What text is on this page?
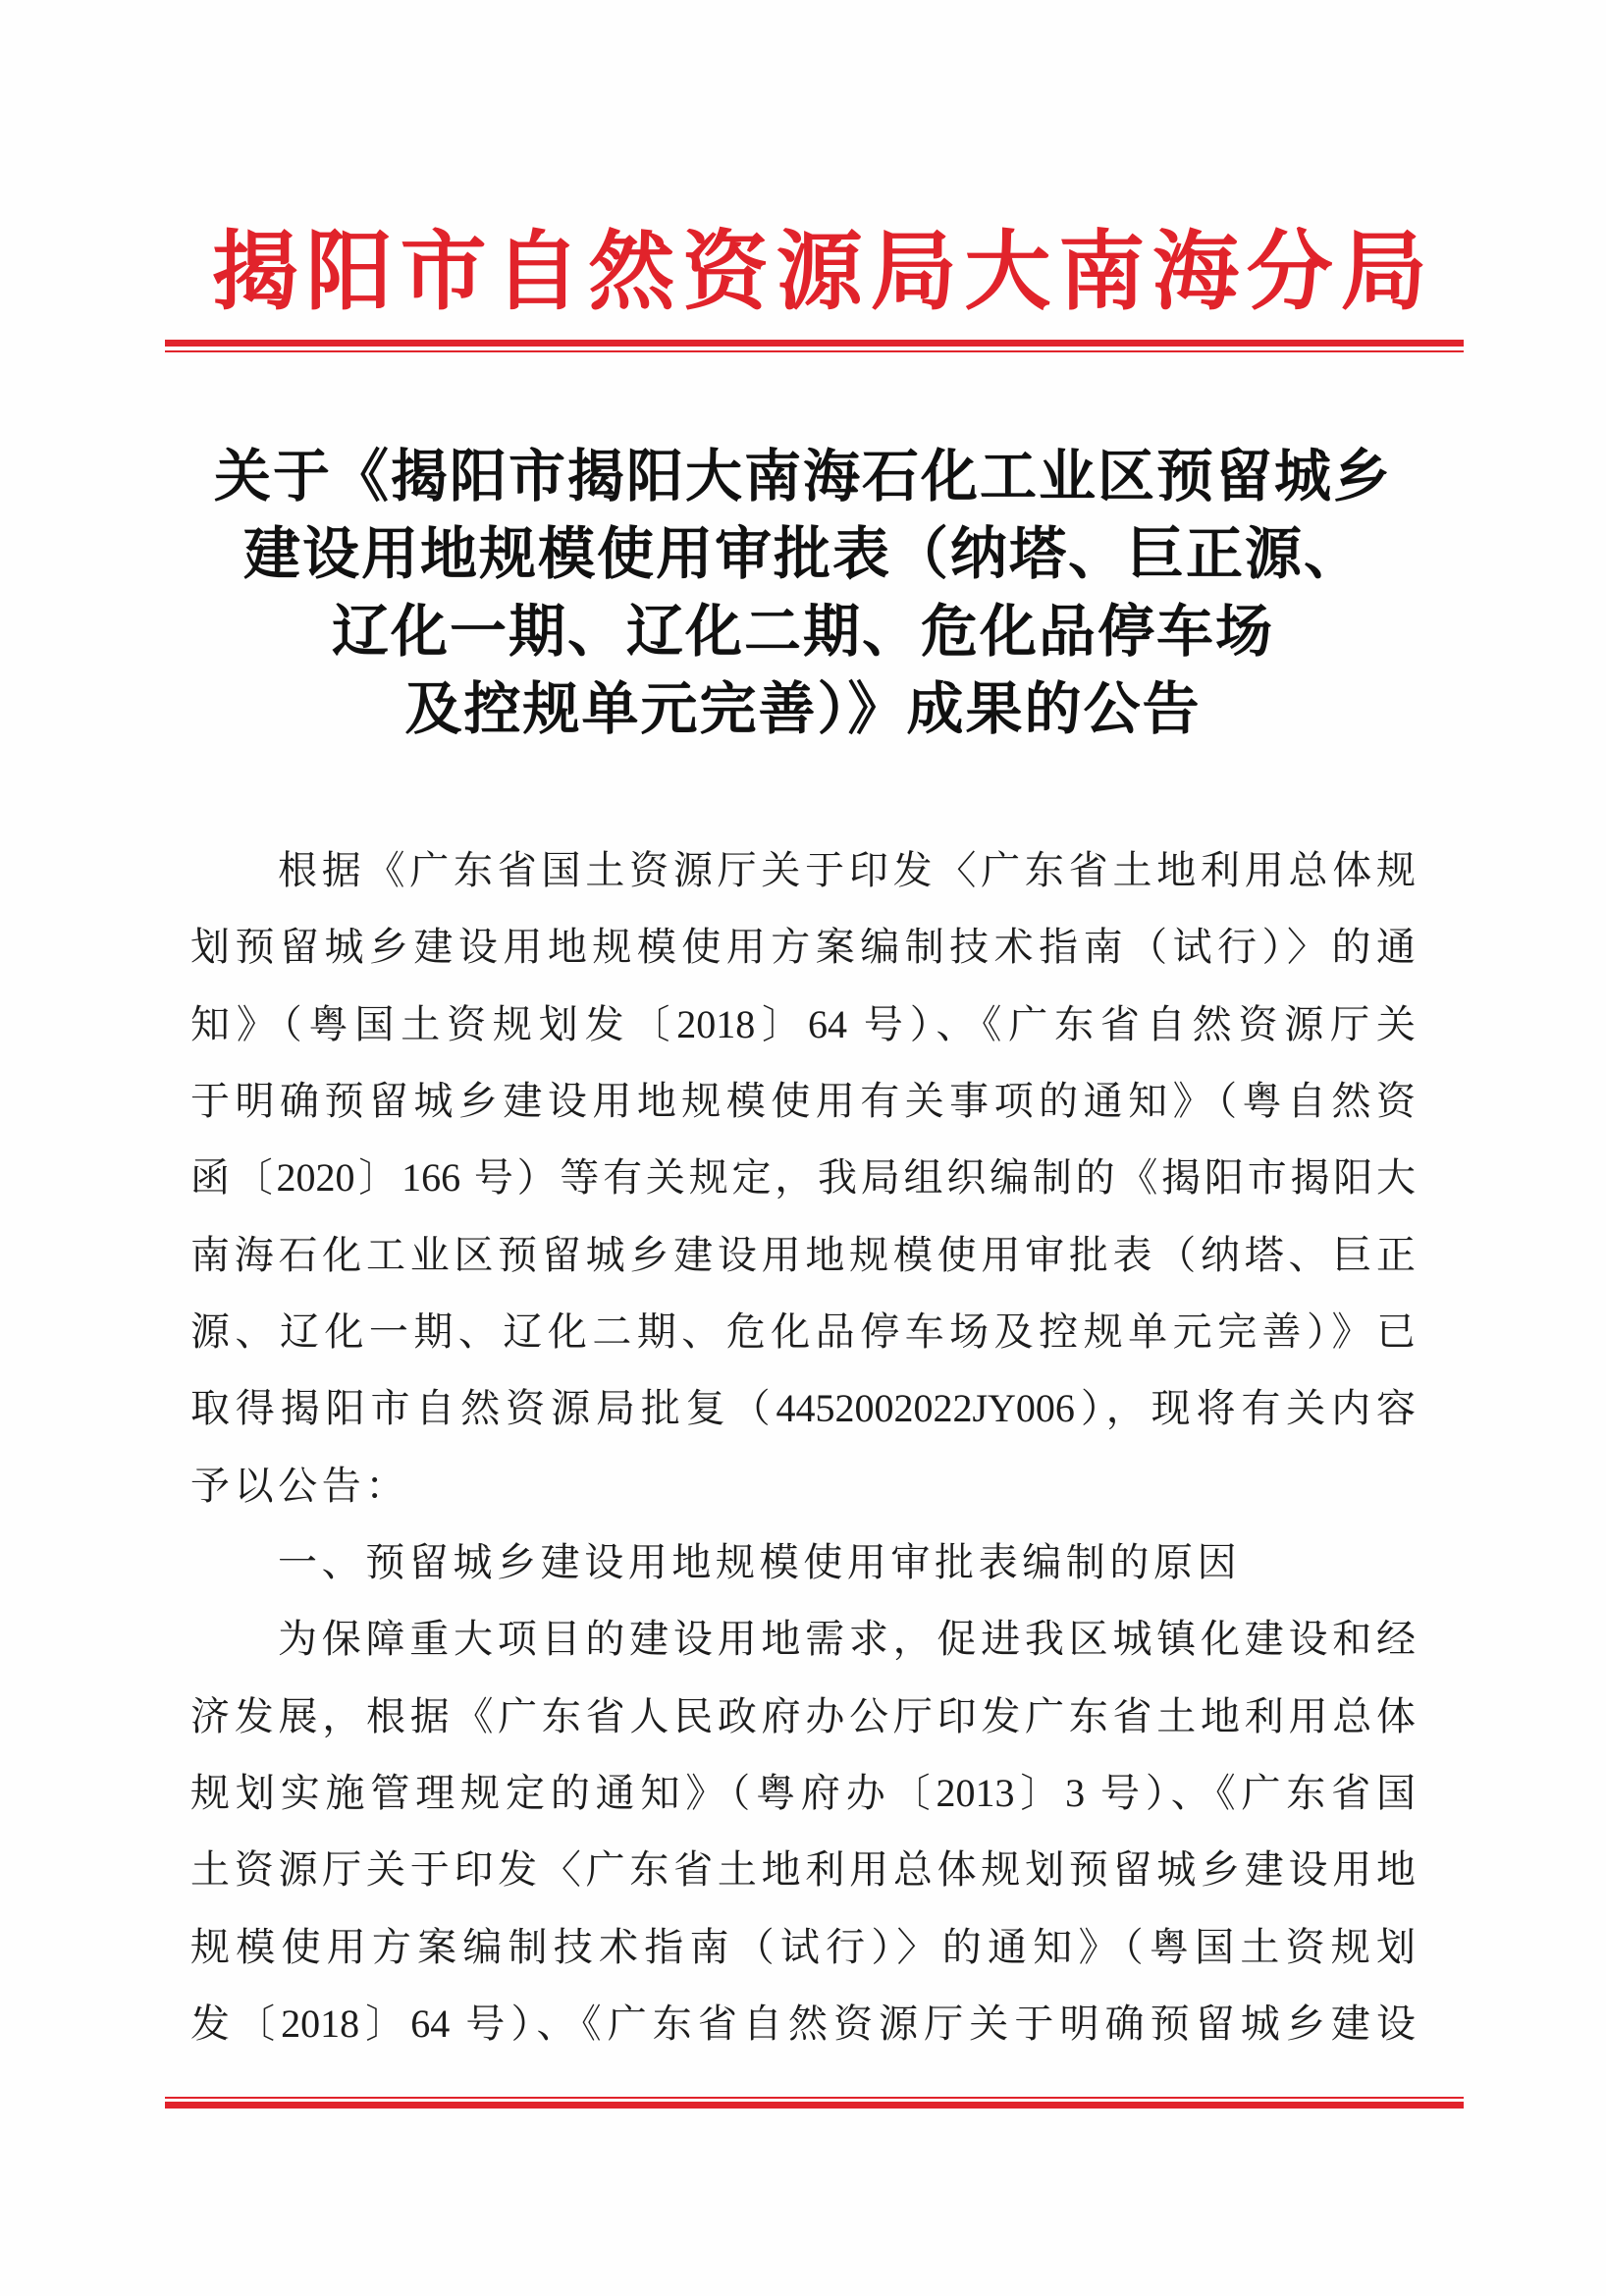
揭阳市自然资源局大南海分局
关于《揭阳市揭阳大南海石化工业区预留城乡
建设用地规模使用审批表（纳塔、巨正源、
辽化一期、辽化二期、危化品停车场
及控规单元完善）》成果的公告
根据《广东省国土资源厅关于印发〈广东省土地利用总体规
划预留城乡建设用地规模使用方案编制技术指南（试行）〉的通
知》（粤国土资规划发〔2018〕64 号）、《广东省自然资源厅关
于明确预留城乡建设用地规模使用有关事项的通知》（粤自然资
函〔2020〕166 号）等有关规定，我局组织编制的《揭阳市揭阳大
南海石化工业区预留城乡建设用地规模使用审批表（纳塔、巨正
源、辽化一期、辽化二期、危化品停车场及控规单元完善）》已
取得揭阳市自然资源局批复（4452002022JY006），现将有关内容
予以公告：
一、预留城乡建设用地规模使用审批表编制的原因
为保障重大项目的建设用地需求，促进我区城镇化建设和经
济发展，根据《广东省人民政府办公厅印发广东省土地利用总体
规划实施管理规定的通知》（粤府办〔2013〕3 号）、《广东省国
土资源厅关于印发〈广东省土地利用总体规划预留城乡建设用地
规模使用方案编制技术指南（试行）〉的通知》（粤国土资规划
发〔2018〕64 号）、《广东省自然资源厅关于明确预留城乡建设
